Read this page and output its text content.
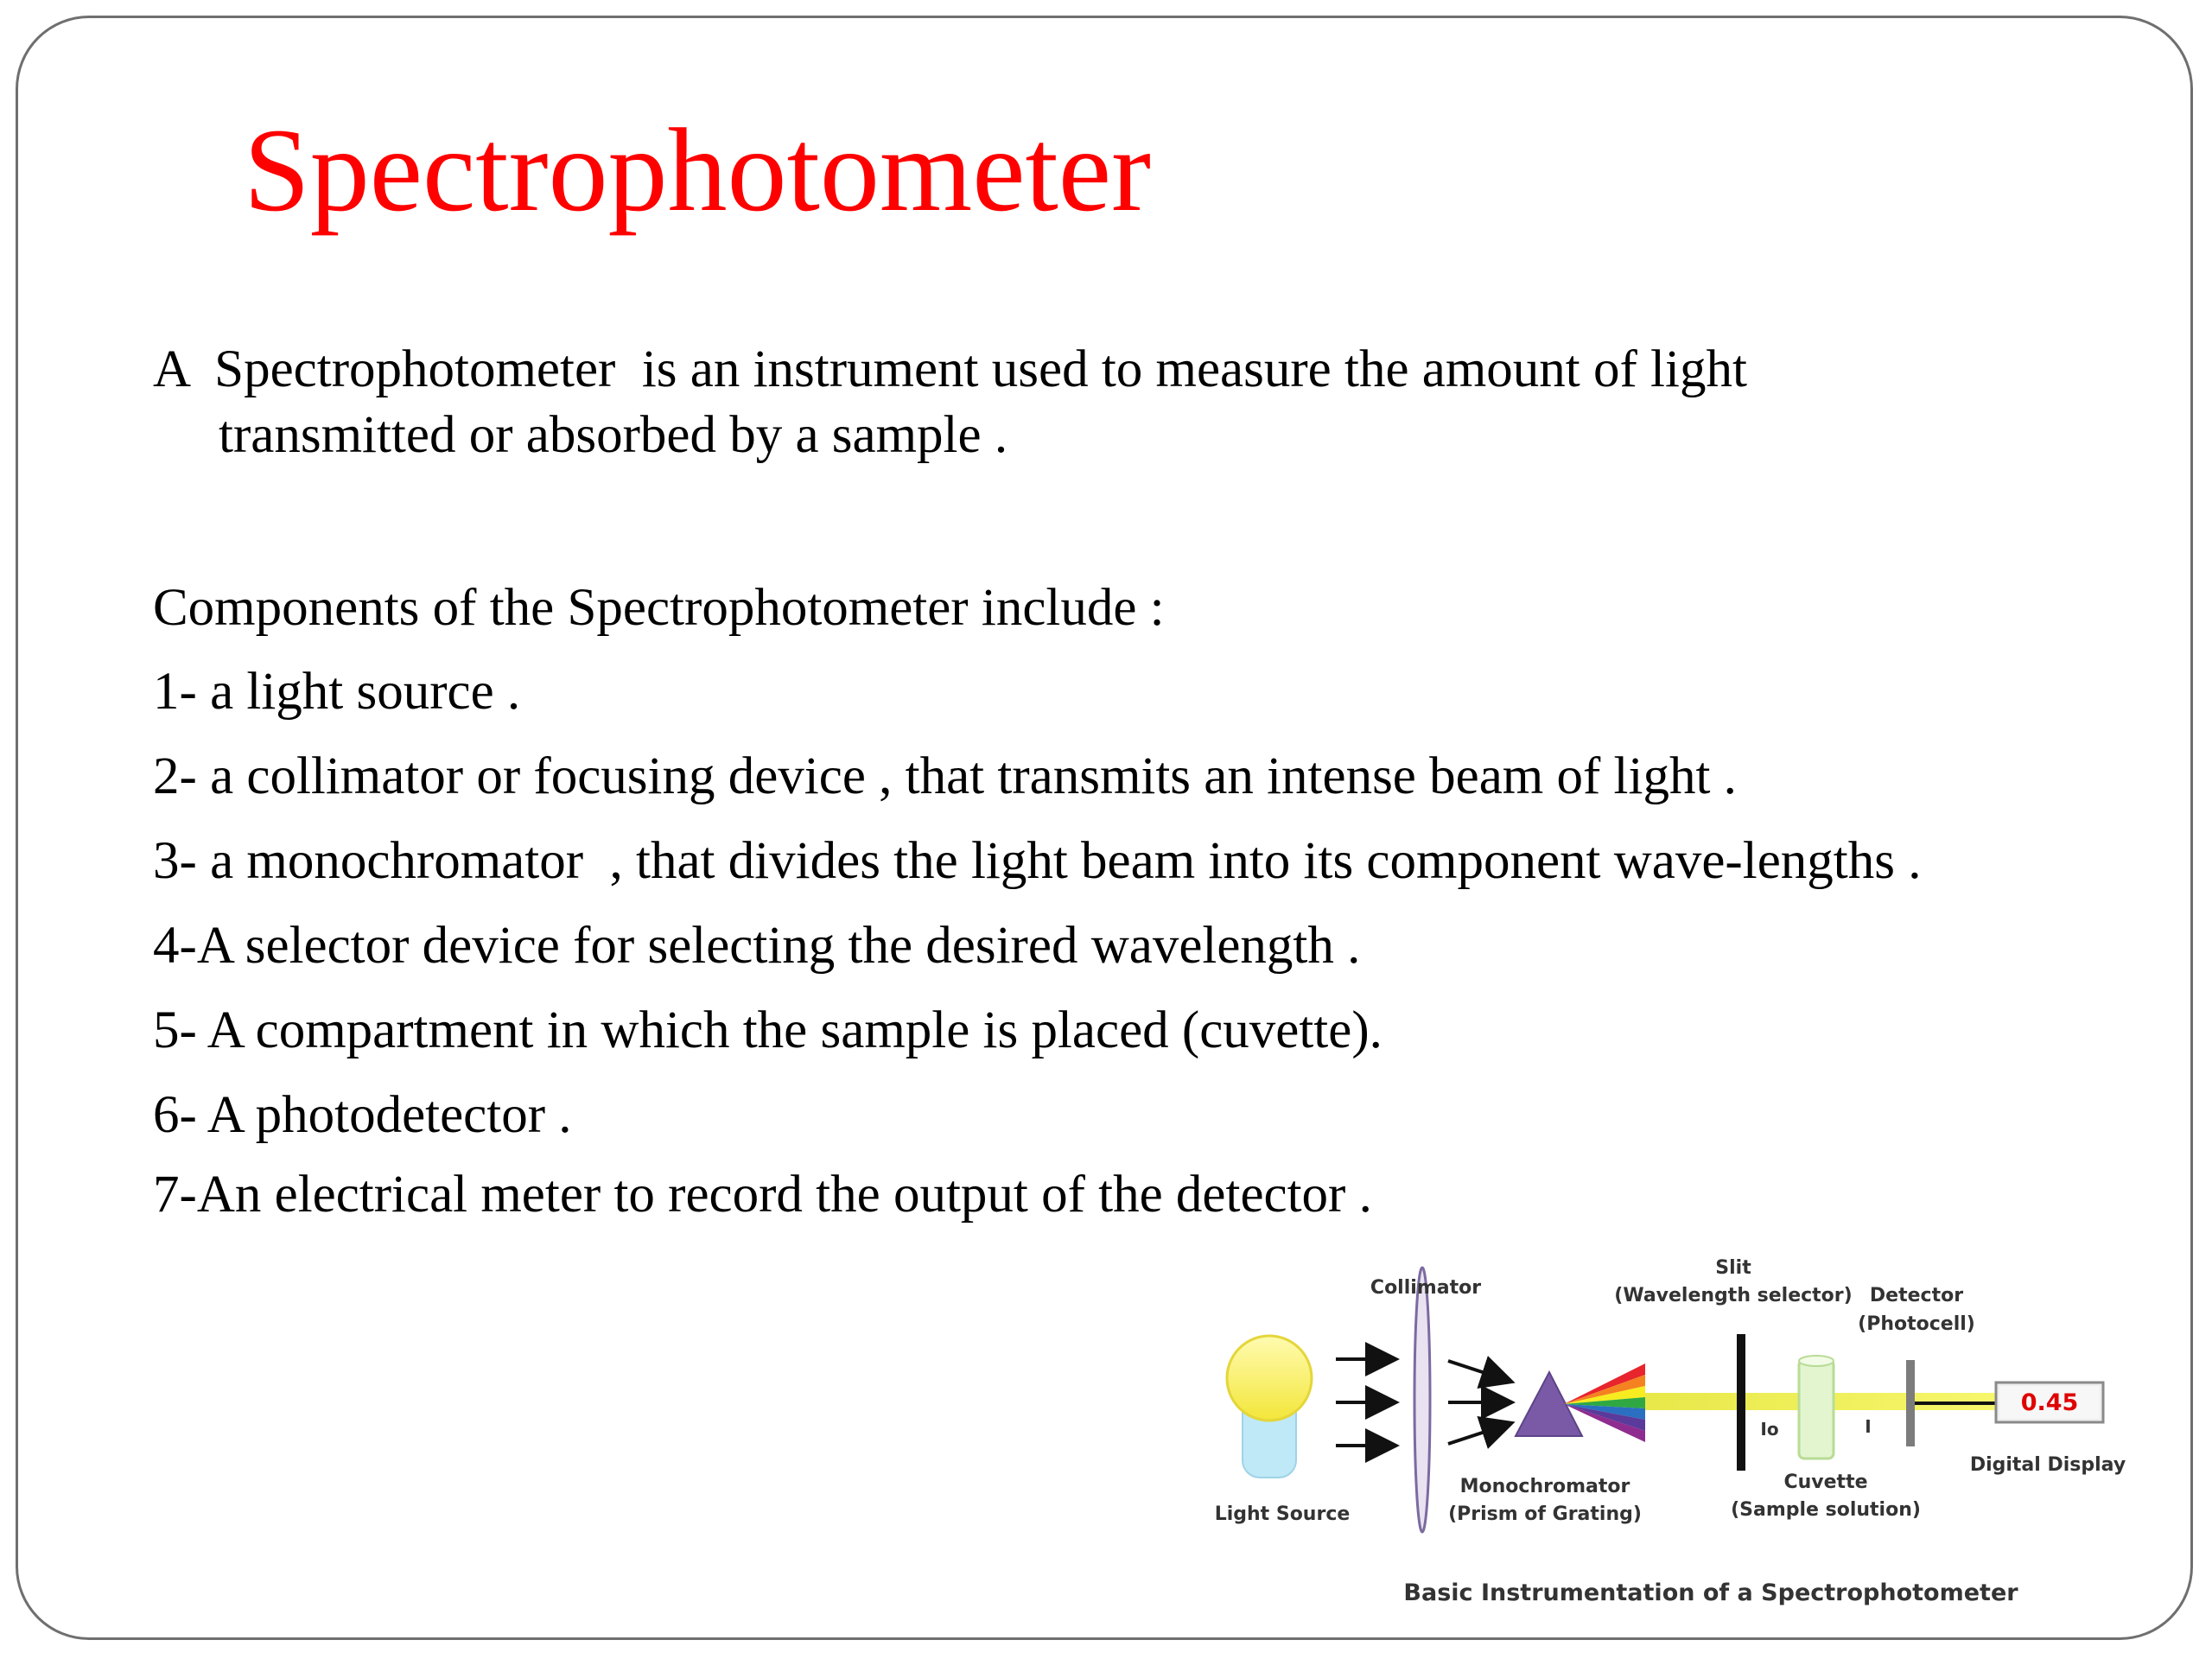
Spectrophotometer
A  Spectrophotometer  is an instrument used to measure the amount of light
transmitted or absorbed by a sample .
Components of the Spectrophotometer include :
1- a light source .
2- a collimator or focusing device , that transmits an intense beam of light .
3- a monochromator  , that divides the light beam into its component wave-lengths .
4-A selector device for selecting the desired wavelength .
5- A compartment in which the sample is placed (cuvette).
6- A photodetector .
7-An electrical meter to record the output of the detector .
Collimator
Slit
(Wavelength selector) Detector
(Photocell)
Io	I
0.45
Digital Display
Monochromator
(Prism of Grating)
Cuvette
(Sample solution)
Light Source
Basic Instrumentation of a Spectrophotometer
